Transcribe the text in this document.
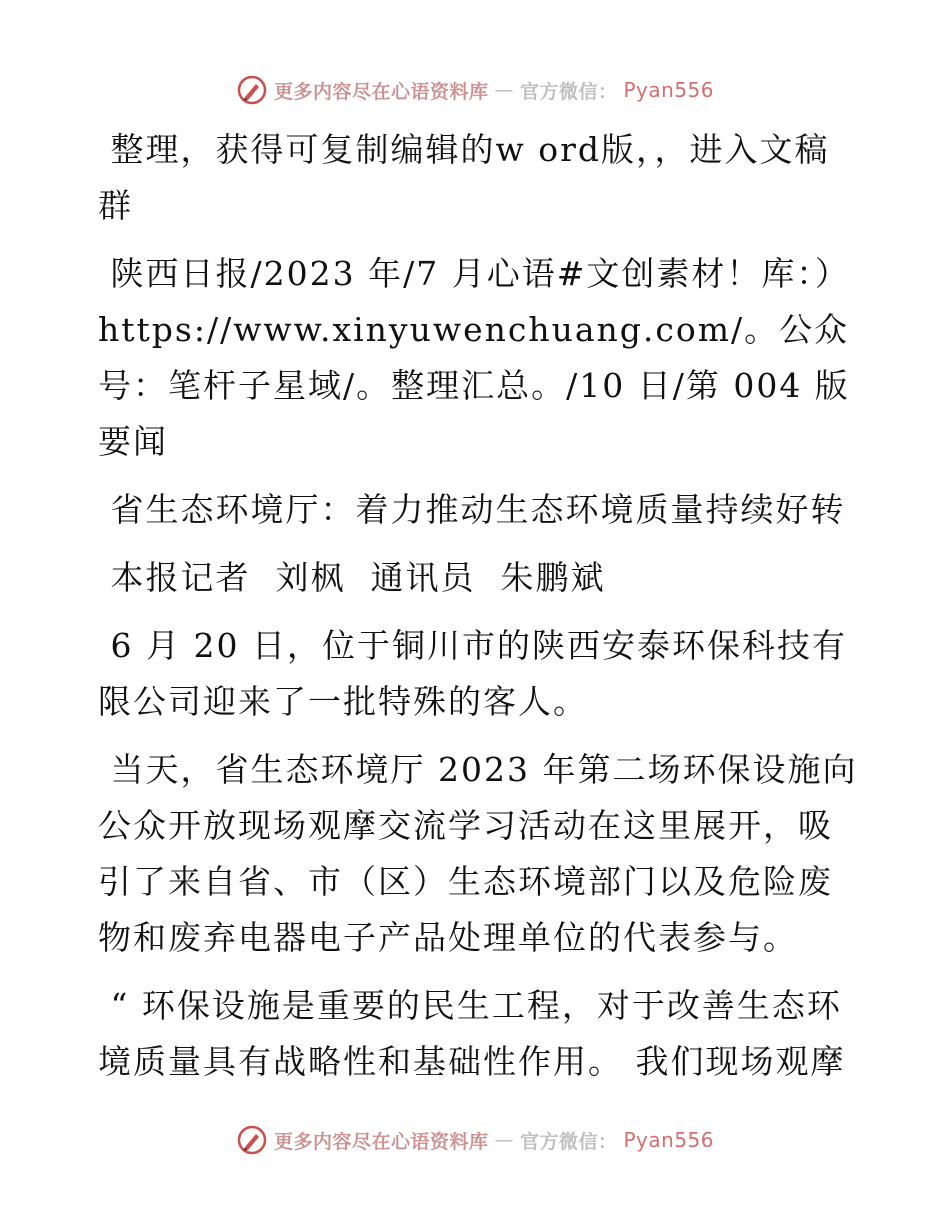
更多内容尽在心语资料库 — 官方微信： Pyan556

整理，获得可复制编辑的w ord版，，进入文稿群

陕西日报/2023 年/7 月心语#文创素材！库：）https://www.xinyuwenchuang.com/。公众号：笔杆子星域/。整理汇总。/10 日/第 004 版要闻

省生态环境厅：着力推动生态环境质量持续好转

本报记者  刘枫  通讯员  朱鹏斌

6 月 20 日，位于铜川市的陕西安泰环保科技有限公司迎来了一批特殊的客人。

当天，省生态环境厅 2023 年第二场环保设施向公众开放现场观摩交流学习活动在这里展开，吸引了来自省、市（区）生态环境部门以及危险废物和废弃电器电子产品处理单位的代表参与。

“ 环保设施是重要的民生工程，对于改善生态环境质量具有战略性和基础性作用。 我们现场观摩

更多内容尽在心语资料库 — 官方微信： Pyan556
